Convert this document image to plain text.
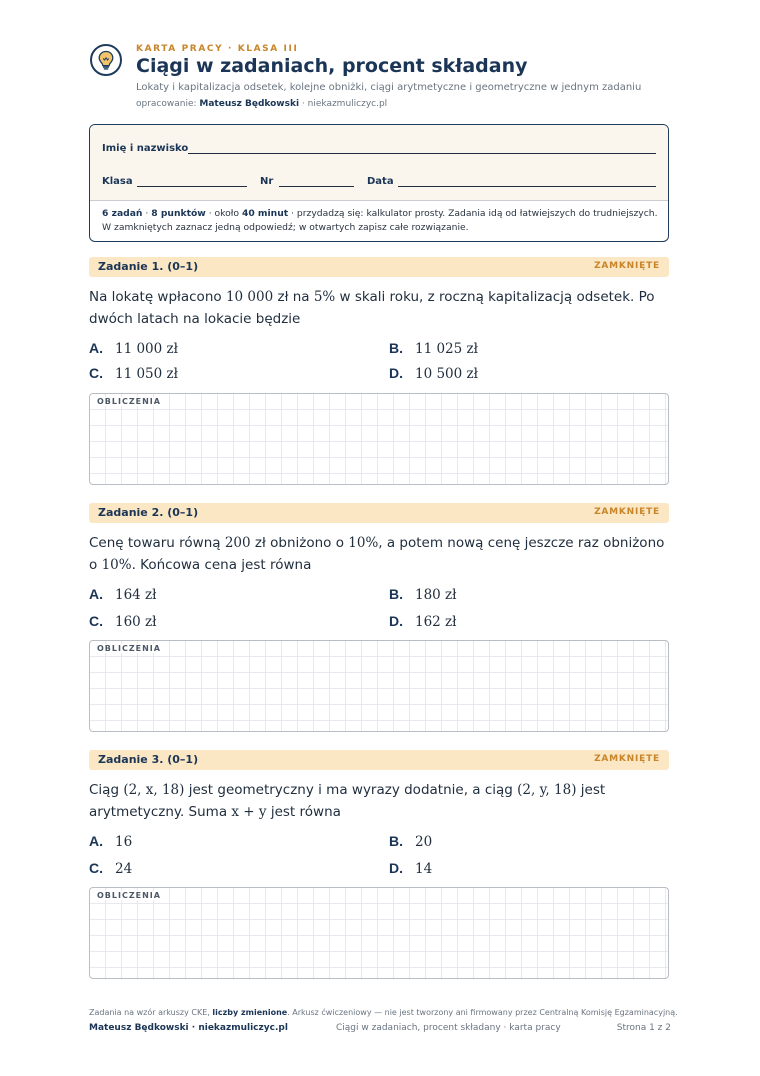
KARTA PRACY · KLASA III
Ciągi w zadaniach, procent składany
Lokaty i kapitalizacja odsetek, kolejne obniżki, ciągi arytmetyczne i geometryczne w jednym zadaniu
opracowanie: Mateusz Będkowski · niekazmuliczyc.pl
Imię i nazwisko
Klasa	Nr	Data
6 zadań · 8 punktów · około 40 minut · przydadzą się: kalkulator prosty. Zadania idą od łatwiejszych do trudniejszych. W zamkniętych zaznacz jedną odpowiedź; w otwartych zapisz całe rozwiązanie.
Zadanie 1. (0–1)	ZAMKNIĘTE
Na lokatę wpłacono 10 000 zł na 5% w skali roku, z roczną kapitalizacją odsetek. Po dwóch latach na lokacie będzie
A. 11 000 zł	B. 11 025 zł
C. 11 050 zł	D. 10 500 zł
OBLICZENIA
Zadanie 2. (0–1)	ZAMKNIĘTE
Cenę towaru równą 200 zł obniżono o 10%, a potem nową cenę jeszcze raz obniżono o 10%. Końcowa cena jest równa
A. 164 zł	B. 180 zł
C. 160 zł	D. 162 zł
OBLICZENIA
Zadanie 3. (0–1)	ZAMKNIĘTE
Ciąg (2, x, 18) jest geometryczny i ma wyrazy dodatnie, a ciąg (2, y, 18) jest arytmetyczny. Suma x + y jest równa
A. 16	B. 20
C. 24	D. 14
OBLICZENIA
Zadania na wzór arkuszy CKE, liczby zmienione. Arkusz ćwiczeniowy — nie jest tworzony ani firmowany przez Centralną Komisję Egzaminacyjną.
Mateusz Będkowski · niekazmuliczyc.pl	Ciągi w zadaniach, procent składany · karta pracy	Strona 1 z 2
